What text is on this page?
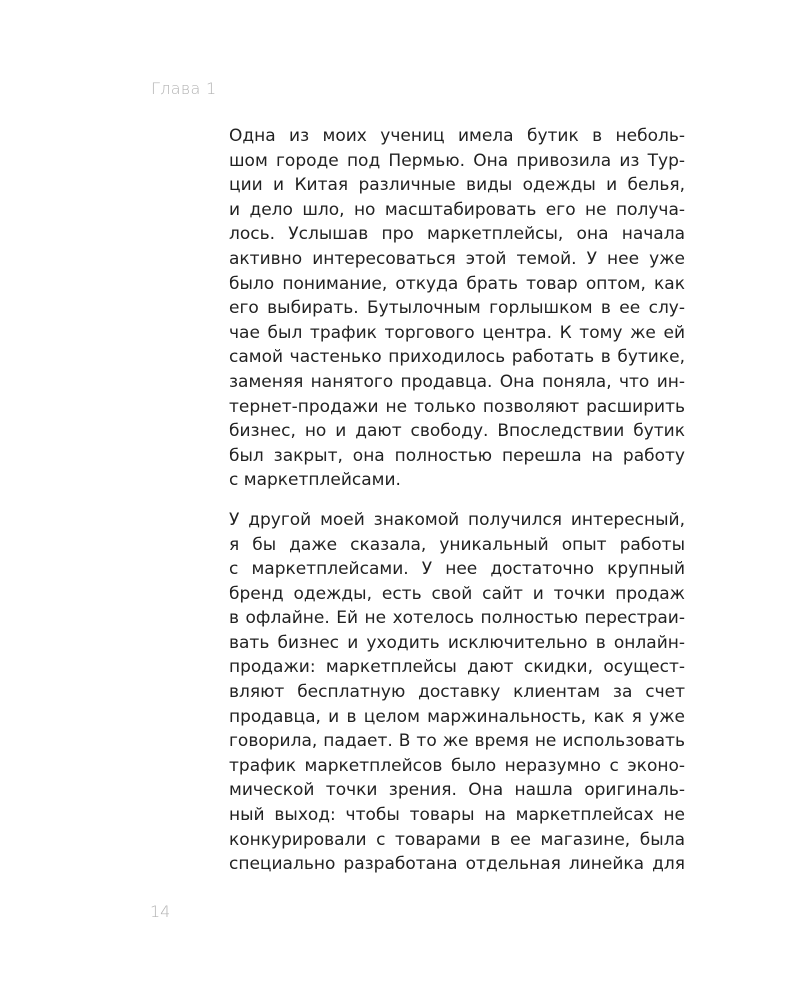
Глава 1

Одна из моих учениц имела бутик в неболь-
шом городе под Пермью. Она привозила из Тур-
ции и Китая различные виды одежды и белья,
и дело шло, но масштабировать его не получа-
лось. Услышав про маркетплейсы, она начала
активно интересоваться этой темой. У нее уже
было понимание, откуда брать товар оптом, как
его выбирать. Бутылочным горлышком в ее слу-
чае был трафик торгового центра. К тому же ей
самой частенько приходилось работать в бутике,
заменяя нанятого продавца. Она поняла, что ин-
тернет-продажи не только позволяют расширить
бизнес, но и дают свободу. Впоследствии бутик
был закрыт, она полностью перешла на работу
с маркетплейсами.

У другой моей знакомой получился интересный,
я бы даже сказала, уникальный опыт работы
с маркетплейсами. У нее достаточно крупный
бренд одежды, есть свой сайт и точки продаж
в офлайне. Ей не хотелось полностью перестраи-
вать бизнес и уходить исключительно в онлайн-
продажи: маркетплейсы дают скидки, осущест-
вляют бесплатную доставку клиентам за счет
продавца, и в целом маржинальность, как я уже
говорила, падает. В то же время не использовать
трафик маркетплейсов было неразумно с эконо-
мической точки зрения. Она нашла оригиналь-
ный выход: чтобы товары на маркетплейсах не
конкурировали с товарами в ее магазине, была
специально разработана отдельная линейка для

14
